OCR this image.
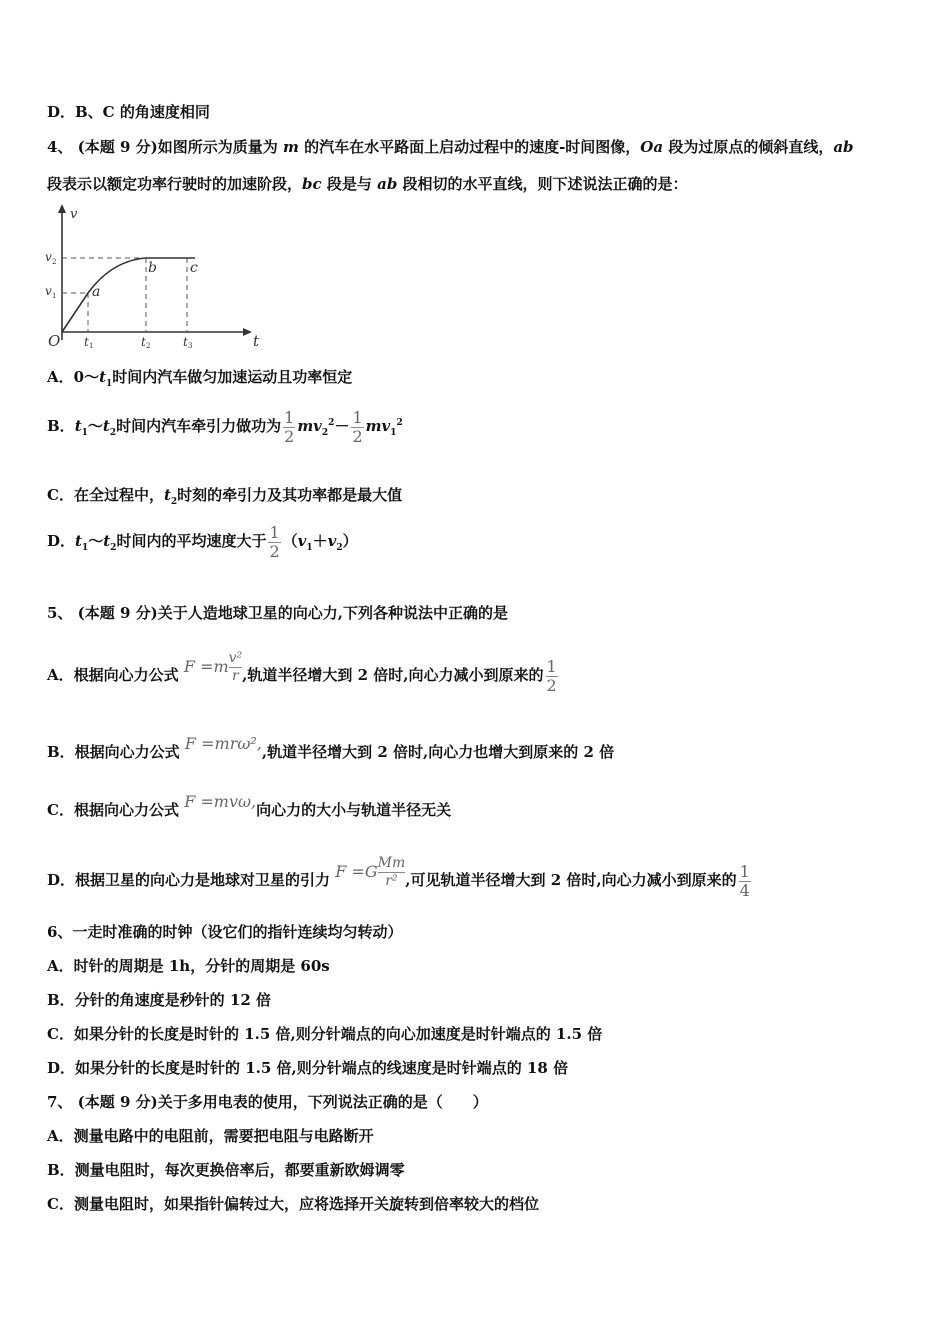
D．B、C 的角速度相同
4、 (本题 9 分)如图所示为质量为 m 的汽车在水平路面上启动过程中的速度-时间图像，Oa 段为过原点的倾斜直线，ab
段表示以额定功率行驶时的加速阶段，bc 段是与 ab 段相切的水平直线，则下述说法正确的是：
v
t
O
v 1
v 2
t 1	t 2	t 3
a
b c
A．$0\sim t_1$时间内汽车做匀加速运动且功率恒定
B．$t_1\sim t_2$时间内汽车牵引力做功为 $\frac{1}{2} mv_2^2- \frac{1}{2} mv_1^2$
C．在全过程中，$t_2$时刻的牵引力及其功率都是最大值
D．$t_1\sim t_2$时间内的平均速度大于 $\frac{1}{2} (v_1+v_2)$
5、 (本题 9 分)关于人造地球卫星的向心力,下列各种说法中正确的是
A．根据向心力公式 $F =m \frac{\text{v²}}{r}$ ,轨道半径增大到 2 倍时,向心力减小到原来的 $\frac{1}{2}$
B．根据向心力公式 F =mrω²,,轨道半径增大到 2 倍时,向心力也增大到原来的 2 倍
C．根据向心力公式 F =mvω,向心力的大小与轨道半径无关
D．根据卫星的向心力是地球对卫星的引力 $F =G \frac{Mm}{\text{r²}}$ ,可见轨道半径增大到 2 倍时,向心力减小到原来的 $\frac{1}{4}$
6、一走时准确的时钟（设它们的指针连续均匀转动）
A．时针的周期是 1h，分针的周期是 60s
B．分针的角速度是秒针的 12 倍
C．如果分针的长度是时针的 1.5 倍,则分针端点的向心加速度是时针端点的 1.5 倍
D．如果分针的长度是时针的 1.5 倍,则分针端点的线速度是时针端点的 18 倍
7、 (本题 9 分)关于多用电表的使用，下列说法正确的是（　　）
A．测量电路中的电阻前，需要把电阻与电路断开
B．测量电阻时，每次更换倍率后，都要重新欧姆调零
C．测量电阻时，如果指针偏转过大，应将选择开关旋转到倍率较大的档位
